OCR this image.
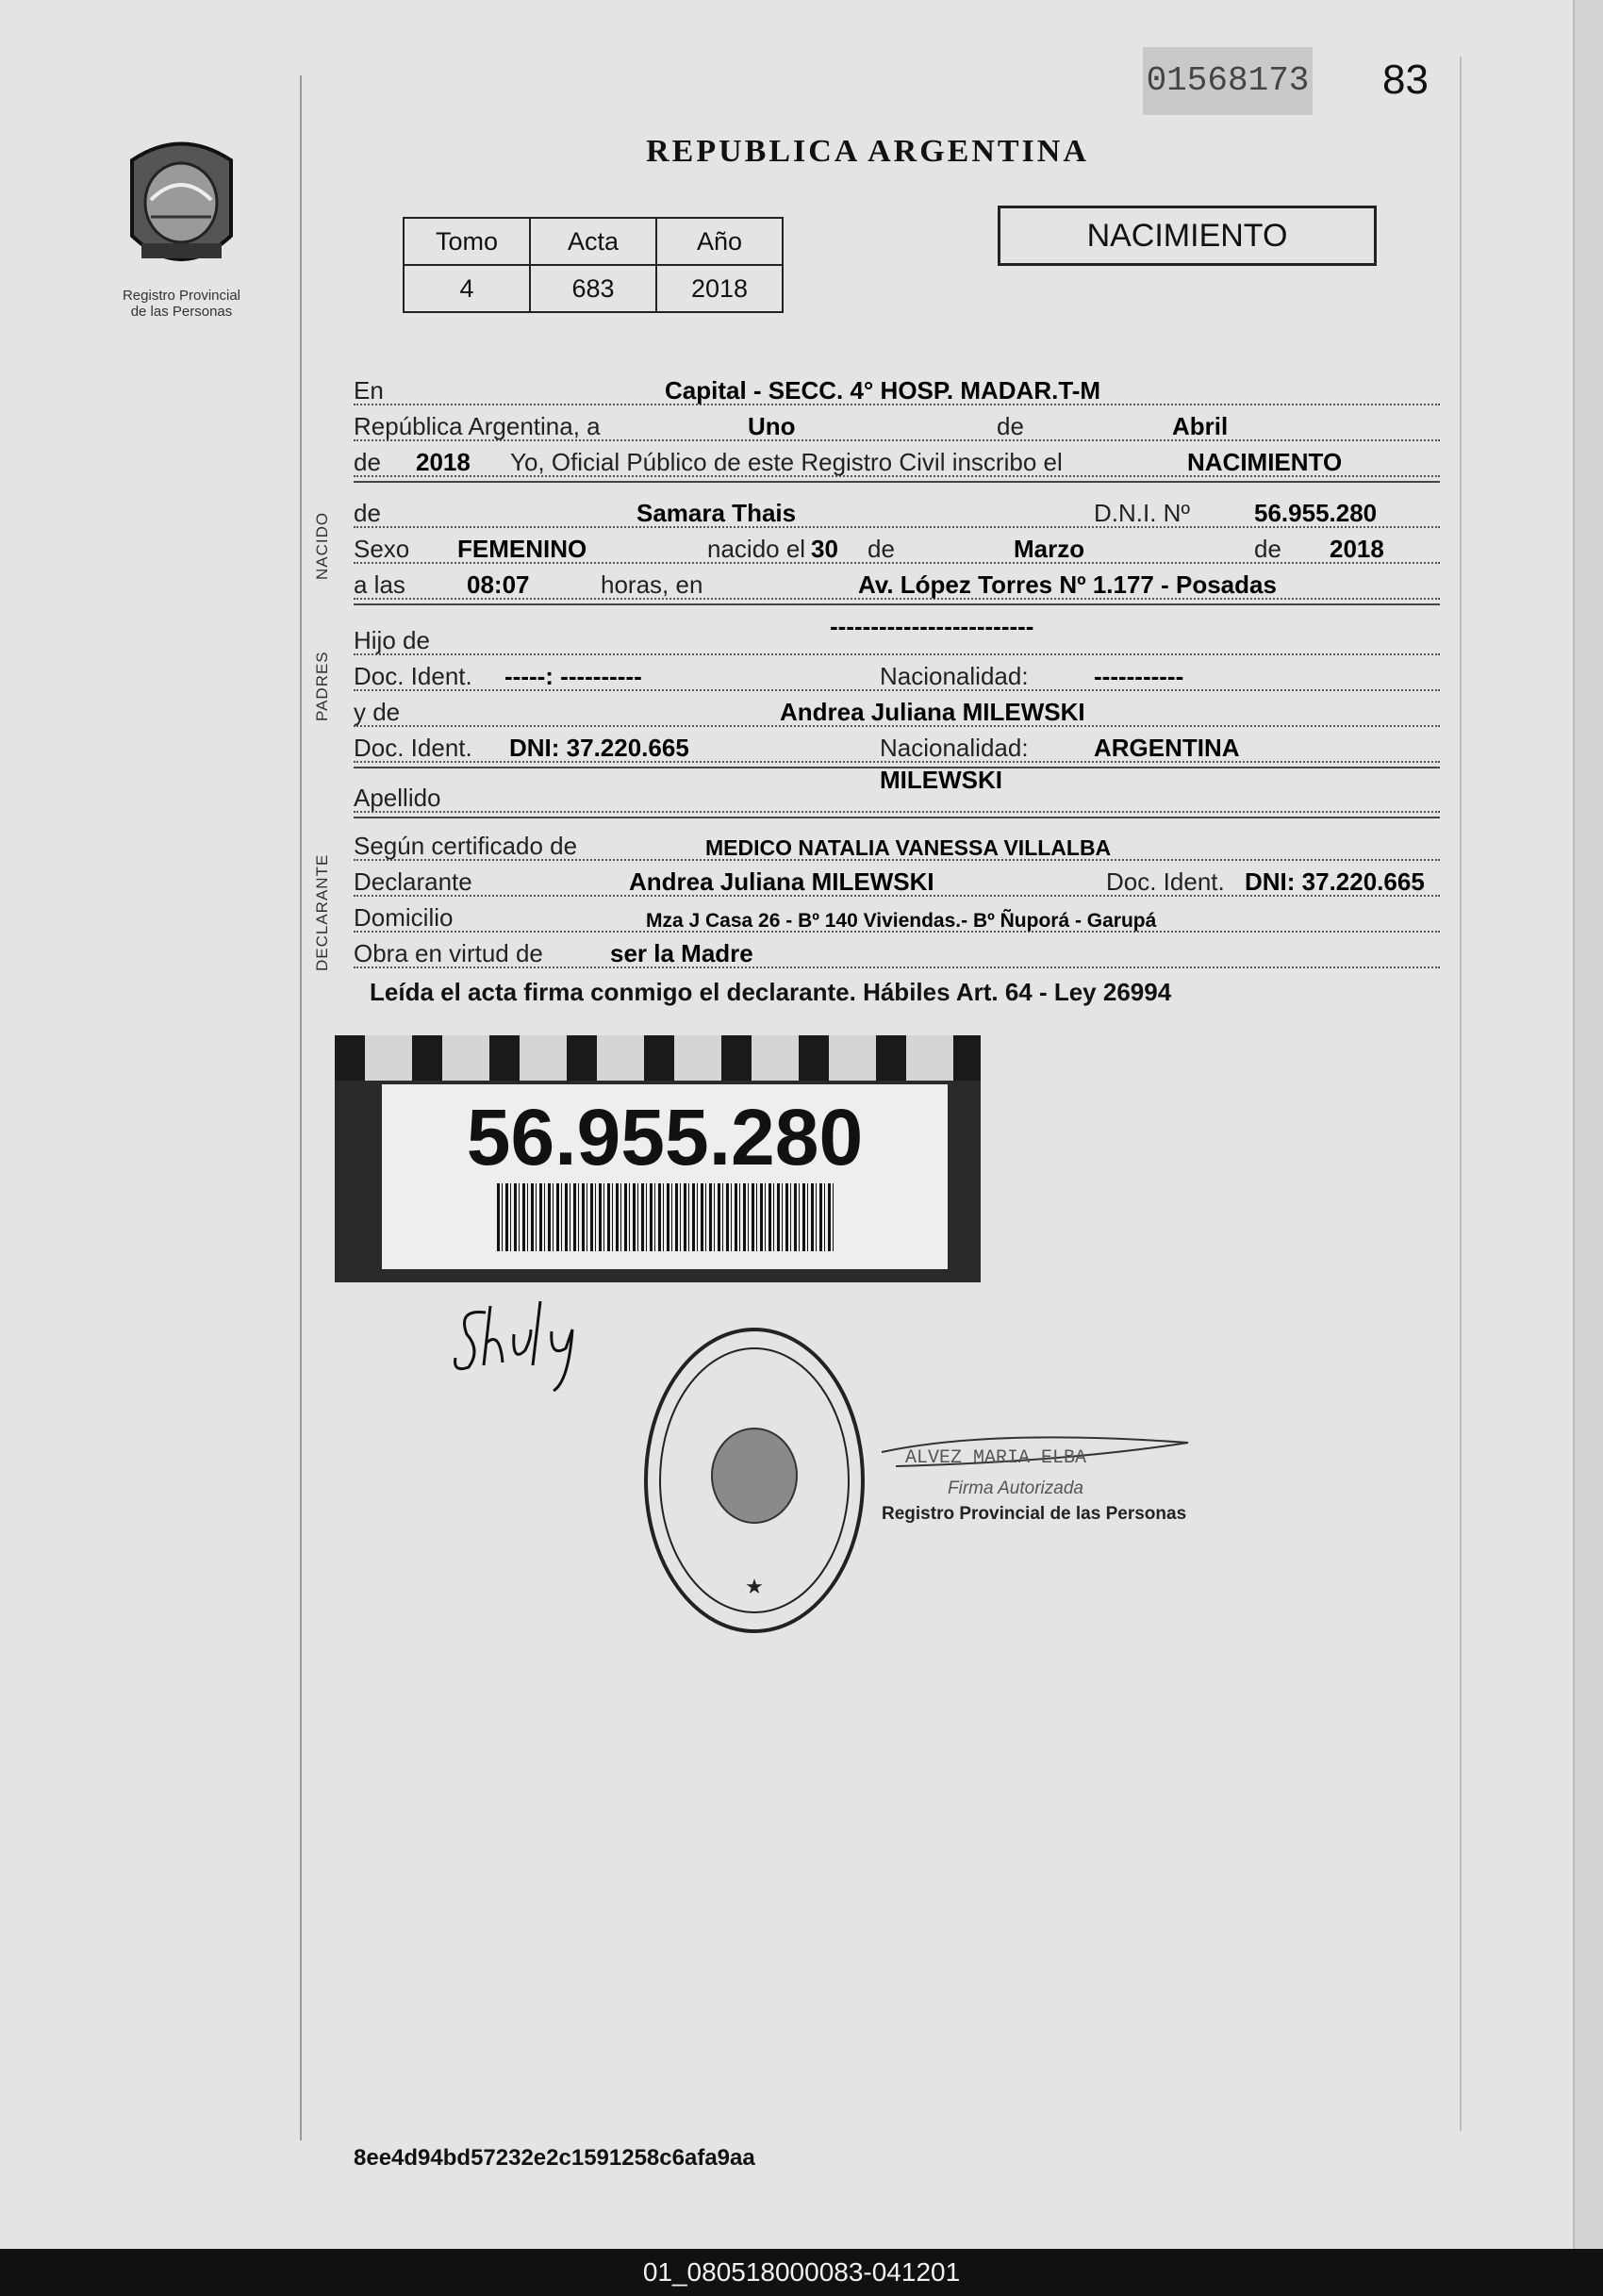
01568173 83
REPUBLICA ARGENTINA
Registro Provincial
de las Personas
Tomo	Acta	Año
4	683	2018
NACIMIENTO
En	Capital - SECC. 4° HOSP. MADAR.T-M
República Argentina, a	Uno	de	Abril
de 2018 Yo, Oficial Público de este Registro Civil inscribo el	NACIMIENTO
de	Samara Thais	D.N.I. Nº	56.955.280
Sexo FEMENINO	nacido el 30 de	Marzo	de 2018
a las	08:07	horas, en	Av. López Torres Nº 1.177 - Posadas
NACIDO
Hijo de	-------------------------
Doc. Ident. -----: ----------	Nacionalidad:	-----------
y de	Andrea Juliana MILEWSKI
Doc. Ident. DNI: 37.220.665	Nacionalidad:	ARGENTINA
PADRES
Apellido
MILEWSKI
Según certificado de	MEDICO NATALIA VANESSA VILLALBA
Declarante	Andrea Juliana MILEWSKI	Doc. Ident. DNI: 37.220.665
Domicilio	Mza J Casa 26 - Bº 140 Viviendas.- Bº Ñuporá - Garupá
Obra en virtud de	ser la Madre
DECLARANTE
Leída el acta firma conmigo el declarante. Hábiles Art. 64 - Ley 26994
56.955.280
★
ALVEZ MARIA ELBA
Firma Autorizada
Registro Provincial de las Personas
8ee4d94bd57232e2c1591258c6afa9aa
01_080518000083-041201
